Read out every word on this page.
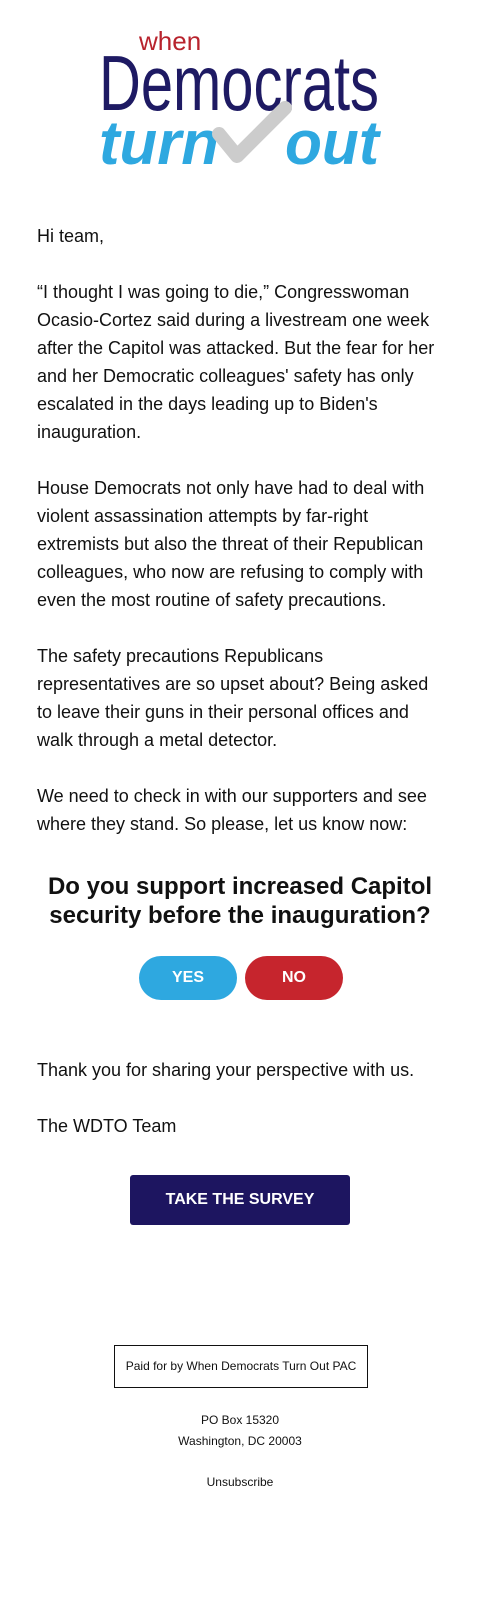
when
Democrats
turn out

Hi team,

“I thought I was going to die,” Congresswoman Ocasio-Cortez said during a livestream one week after the Capitol was attacked. But the fear for her and her Democratic colleagues' safety has only escalated in the days leading up to Biden's inauguration.

House Democrats not only have had to deal with violent assassination attempts by far-right extremists but also the threat of their Republican colleagues, who now are refusing to comply with even the most routine of safety precautions.

The safety precautions Republicans representatives are so upset about? Being asked to leave their guns in their personal offices and walk through a metal detector.

We need to check in with our supporters and see where they stand. So please, let us know now:

Do you support increased Capitol security before the inauguration?
YES	NO

Thank you for sharing your perspective with us.

The WDTO Team

TAKE THE SURVEY
Paid for by When Democrats Turn Out PAC
PO Box 15320
Washington, DC 20003
Unsubscribe
